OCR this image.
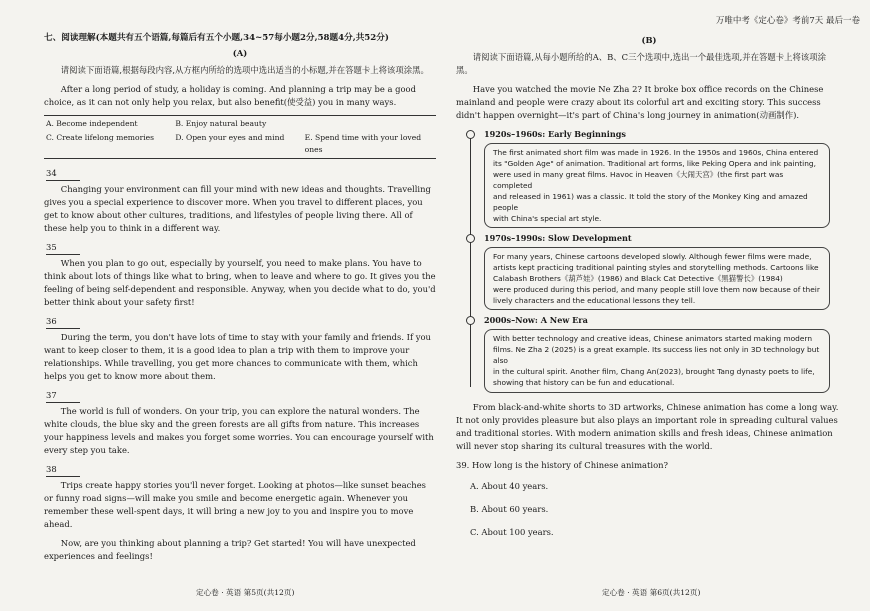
万唯中考《定心卷》考前7天 最后一卷
七、阅读理解(本题共有五个语篇,每篇后有五个小题,34~57每小题2分,58题4分,共52分)
(A)

请阅读下面语篇,根据每段内容,从方框内所给的选项中选出适当的小标题,并在答题卡上将该项涂黑。

After a long period of study, a holiday is coming. And planning a trip may be a good choice, as it can not only help you relax, but also benefit(使受益) you in many ways.

A. Become independent	B. Enjoy natural beauty
C. Create lifelong memories	D. Open your eyes and mind	E. Spend time with your loved ones
34

Changing your environment can fill your mind with new ideas and thoughts. Travelling gives you a special experience to discover more. When you travel to different places, you get to know about other cultures, traditions, and lifestyles of people living there. All of these help you to think in a different way.

35

When you plan to go out, especially by yourself, you need to make plans. You have to think about lots of things like what to bring, when to leave and where to go. It gives you the feeling of being self-dependent and responsible. Anyway, when you decide what to do, you'd better think about your safety first!

36

During the term, you don't have lots of time to stay with your family and friends. If you want to keep closer to them, it is a good idea to plan a trip with them to improve your relationships. While travelling, you get more chances to communicate with them, which helps you get to know more about them.

37

The world is full of wonders. On your trip, you can explore the natural wonders. The white clouds, the blue sky and the green forests are all gifts from nature. This increases your happiness levels and makes you forget some worries. You can encourage yourself with every step you take.

38

Trips create happy stories you'll never forget. Looking at photos—like sunset beaches or funny road signs—will make you smile and become energetic again. Whenever you remember these well-spent days, it will bring a new joy to you and inspire you to move ahead.

Now, are you thinking about planning a trip? Get started! You will have unexpected experiences and feelings!

(B)

请阅读下面语篇,从每小题所给的A、B、C三个选项中,选出一个最佳选项,并在答题卡上将该项涂黑。

Have you watched the movie Ne Zha 2? It broke box office records on the Chinese mainland and people were crazy about its colorful art and exciting story. This success didn't happen overnight—it's part of China's long journey in animation(动画制作).

1920s–1960s: Early Beginnings
The first animated short film was made in 1926. In the 1950s and 1960s, China entered
its "Golden Age" of animation. Traditional art forms, like Peking Opera and ink painting,
were used in many great films. Havoc in Heaven《大闹天宫》(the first part was completed
and released in 1961) was a classic. It told the story of the Monkey King and amazed people
with China's special art style.
1970s–1990s: Slow Development
For many years, Chinese cartoons developed slowly. Although fewer films were made,
artists kept practicing traditional painting styles and storytelling methods. Cartoons like
Calabash Brothers《葫芦娃》(1986) and Black Cat Detective《黑猫警长》(1984)
were produced during this period, and many people still love them now because of their
lively characters and the educational lessons they tell.
2000s–Now: A New Era
With better technology and creative ideas, Chinese animators started making modern
films. Ne Zha 2 (2025) is a great example. Its success lies not only in 3D technology but also
in the cultural spirit. Another film, Chang An(2023), brought Tang dynasty poets to life,
showing that history can be fun and educational.

From black-and-white shorts to 3D artworks, Chinese animation has come a long way. It not only provides pleasure but also plays an important role in spreading cultural values and traditional stories. With modern animation skills and fresh ideas, Chinese animation will never stop sharing its cultural treasures with the world.

39. How long is the history of Chinese animation?

A. About 40 years.
B. About 60 years.
C. About 100 years.
定心卷 · 英语 第5页(共12页)	定心卷 · 英语 第6页(共12页)
